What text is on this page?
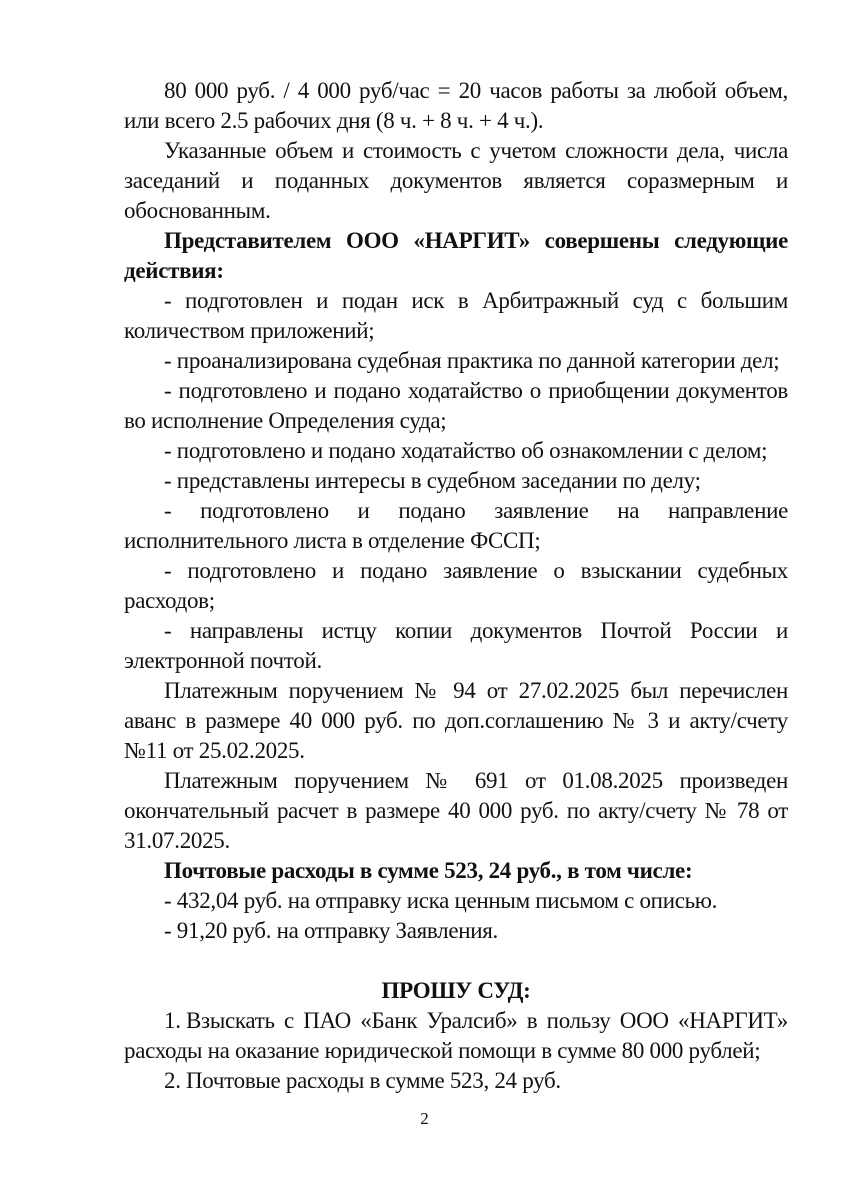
80 000 руб. / 4 000 руб/час = 20 часов работы за любой объем,

или всего 2.5 рабочих дня (8 ч. + 8 ч. + 4 ч.).

Указанные объем и стоимость с учетом сложности дела, числа заседаний и поданных документов является соразмерным и обоснованным.

Представителем ООО «НАРГИТ» совершены следующие действия:

- подготовлен и подан иск в Арбитражный суд с большим количеством приложений;

- проанализирована судебная практика по данной категории дел;

- подготовлено и подано ходатайство о приобщении документов во исполнение Определения суда;

- подготовлено и подано ходатайство об ознакомлении с делом;

- представлены интересы в судебном заседании по делу;

- подготовлено и подано заявление на направление исполнительного листа в отделение ФССП;

- подготовлено и подано заявление о взыскании судебных расходов;

- направлены истцу копии документов Почтой России и электронной почтой.

Платежным поручением № 94 от 27.02.2025 был перечислен аванс в размере 40 000 руб. по доп.соглашению № 3 и акту/счету №11 от 25.02.2025.

Платежным поручением № 691 от 01.08.2025 произведен окончательный расчет в размере 40 000 руб. по акту/счету № 78 от 31.07.2025.

Почтовые расходы в сумме 523, 24 руб., в том числе:

- 432,04 руб. на отправку иска ценным письмом с описью.

- 91,20 руб. на отправку Заявления.

ПРОШУ СУД:

1. Взыскать с ПАО «Банк Уралсиб» в пользу ООО «НАРГИТ» расходы на оказание юридической помощи в сумме 80 000 рублей;

2. Почтовые расходы в сумме 523, 24 руб.

2
